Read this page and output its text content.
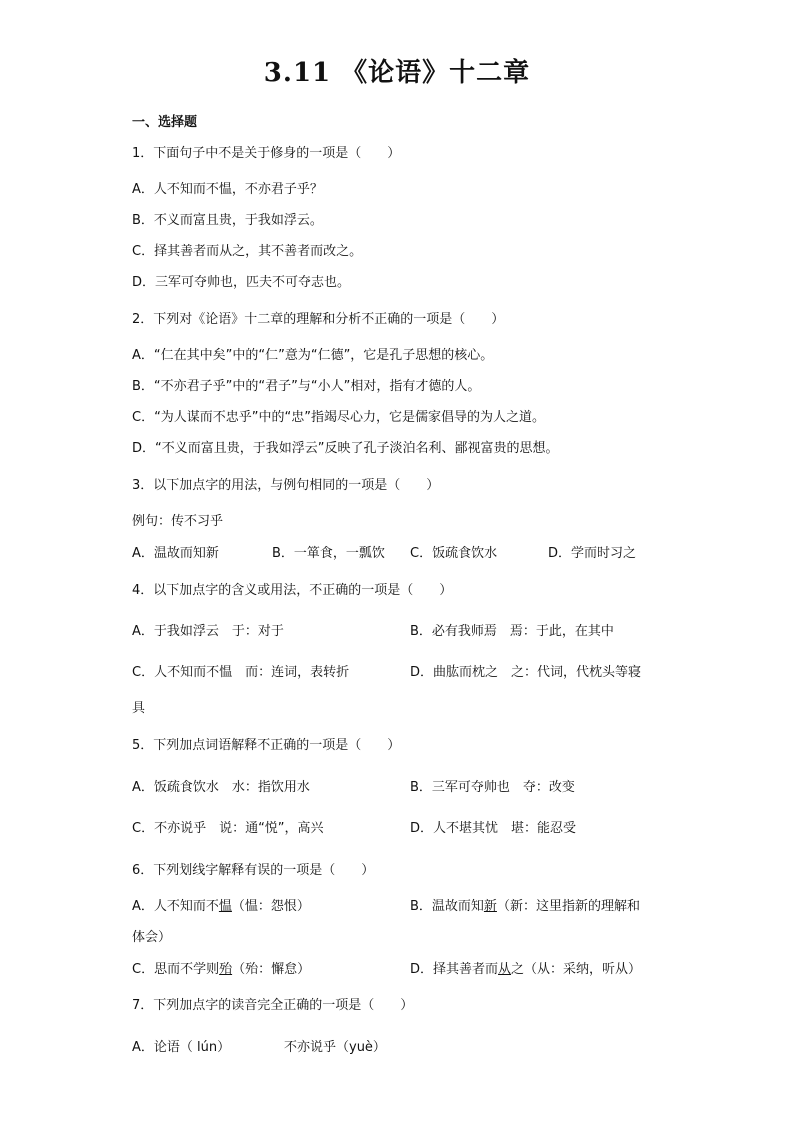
3.11 《论语》十二章
一、选择题
1．下面句子中不是关于修身的一项是（　　）
A．人不知而不愠，不亦君子乎？
B．不义而富且贵，于我如浮云。
C．择其善者而从之，其不善者而改之。
D．三军可夺帅也，匹夫不可夺志也。
2．下列对《论语》十二章的理解和分析不正确的一项是（　　）
A．“仁在其中矣”中的“仁”意为“仁德”，它是孔子思想的核心。
B．“不亦君子乎”中的“君子”与“小人”相对，指有才德的人。
C．“为人谋而不忠乎”中的“忠”指竭尽心力，它是儒家倡导的为人之道。
D．“不义而富且贵，于我如浮云”反映了孔子淡泊名利、鄙视富贵的思想。
3．以下加点字的用法，与例句相同的一项是（　　）
例句：传不习乎
A．温故而知新	B．一箪食，一瓢饮 C．饭疏食饮水	D．学而时习之
4．以下加点字的含义或用法，不正确的一项是（　　）
A．于我如浮云　于：对于	B．必有我师焉　焉：于此，在其中
C．人不知而不愠　而：连词，表转折	D．曲肱而枕之　之：代词，代枕头等寝
具
5．下列加点词语解释不正确的一项是（　　）
A．饭疏食饮水　水：指饮用水	B．三军可夺帅也　夺：改变
C．不亦说乎　说：通“悦”，高兴	D．人不堪其忧　堪：能忍受
6．下列划线字解释有误的一项是（　　）
A．人不知而不愠（愠：怨恨）	B．温故而知新（新：这里指新的理解和
体会）
C．思而不学则殆（殆：懈怠）	D．择其善者而从之（从：采纳，听从）
7．下列加点字的读音完全正确的一项是（　　）
A．论语（ lún）	不亦说乎（yuè）
